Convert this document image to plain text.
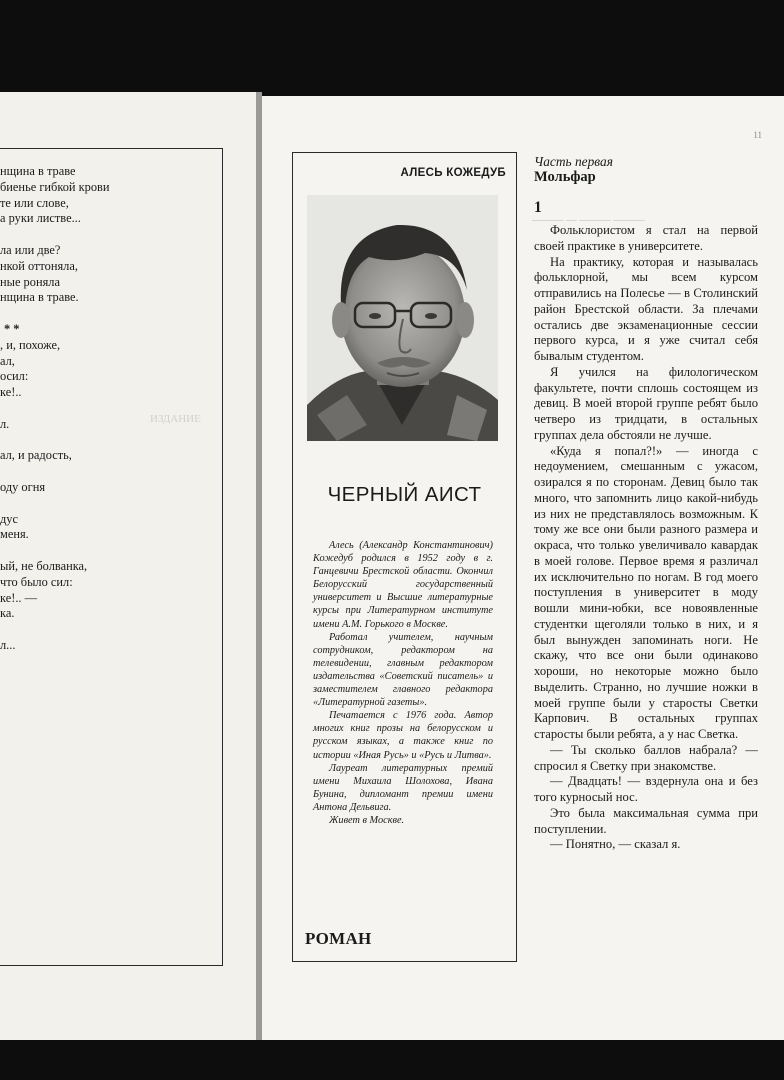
ИЗДАНИЕ
нщина в траве
биенье гибкой крови
те или слове,
а руки листве...

ла или две?
нкой оттоняла,
ные роняла
нщина в траве.

* *
, и, похоже,
ал,
осил:
ке!..

л.

ал, и радость,

оду огня

дус
меня.

ый, не болванка,
что было сил:
ке!.. —
ка.

л...
11
АЛЕСЬ КОЖЕДУБ
ЧЕРНЫЙ АИСТ

Алесь (Александр Константинович) Кожедуб родился в 1952 году в г. Ганцевичи Брестской области. Окончил Белорусский государственный университет и Высшие литературные курсы при Литературном институте имени А.М. Горького в Москве.

Работал учителем, научным сотрудником, редактором на телевидении, главным редактором издательства «Советский писатель» и заместителем главного редактора «Литературной газеты».

Печатается с 1976 года. Автор многих книг прозы на белорусском и русском языках, а также книг по истории «Иная Русь» и «Русь и Литва».

Лауреат литературных премий имени Михаила Шолохова, Ивана Бунина, дипломант премии имени Антона Дельвига.

Живет в Москве.

РОМАН
——— — ——— ———
Часть первая
Мольфар
1

Фольклористом я стал на первой своей практике в университете.

На практику, которая и называлась фольклорной, мы всем курсом отправились на Полесье — в Столинский район Брестской области. За плечами остались две экзаменационные сессии первого курса, и я уже считал себя бывалым студентом.

Я учился на филологическом факультете, почти сплошь состоящем из девиц. В моей второй группе ребят было четверо из тридцати, в остальных группах дела обстояли не лучше.

«Куда я попал?!» — иногда с недоумением, смешанным с ужасом, озирался я по сторонам. Девиц было так много, что запомнить лицо какой-нибудь из них не представлялось возможным. К тому же все они были разного размера и окраса, что только увеличивало кавардак в моей голове. Первое время я различал их исключительно по ногам. В год моего поступления в университет в моду вошли мини-юбки, все новоявленные студентки щеголяли только в них, и я был вынужден запоминать ноги. Не скажу, что все они были одинаково хороши, но некоторые можно было выделить. Странно, но лучшие ножки в моей группе были у старосты Светки Карпович. В остальных группах старосты были ребята, а у нас Светка.

— Ты сколько баллов набрала? — спросил я Светку при знакомстве.

— Двадцать! — вздернула она и без того курносый нос.

Это была максимальная сумма при поступлении.

— Понятно, — сказал я.
